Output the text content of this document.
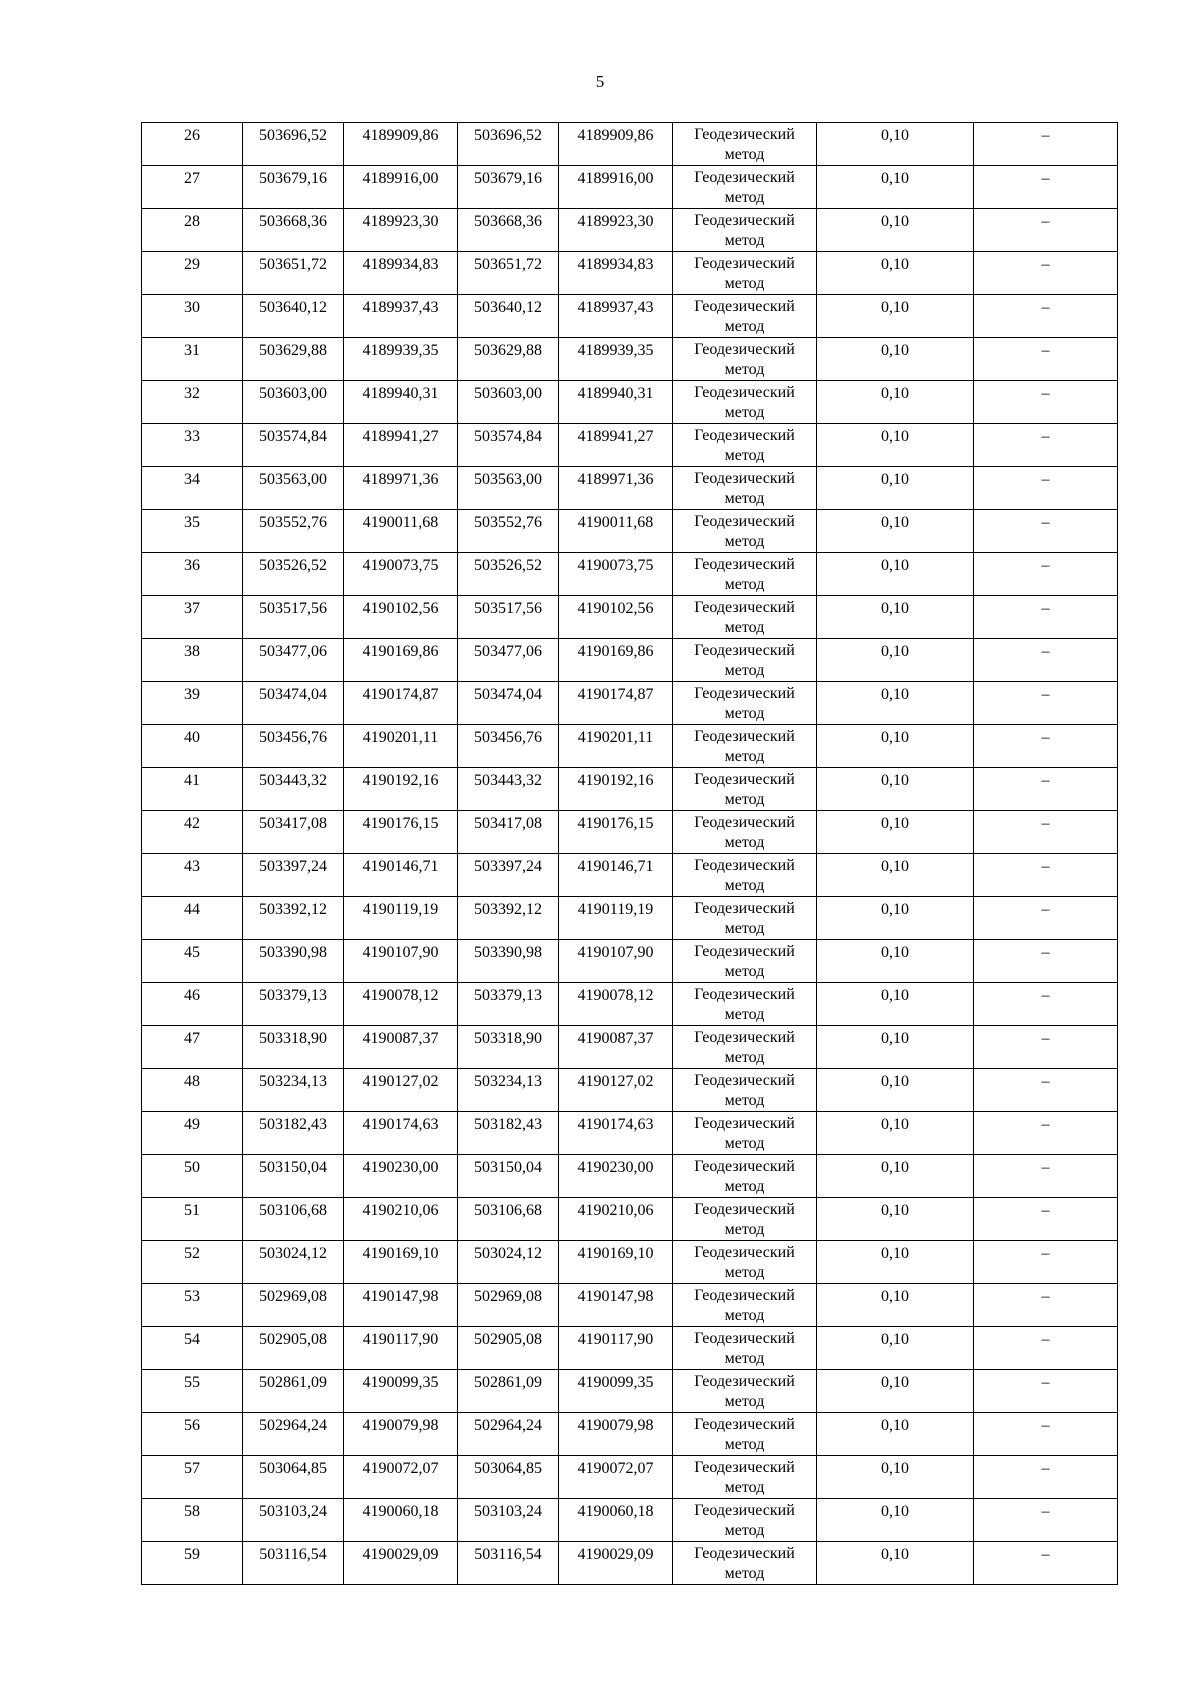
5
26	503696,52	4189909,86	503696,52	4189909,86	Геодезический метод	0,10	–
27	503679,16	4189916,00	503679,16	4189916,00	Геодезический метод	0,10	–
28	503668,36	4189923,30	503668,36	4189923,30	Геодезический метод	0,10	–
29	503651,72	4189934,83	503651,72	4189934,83	Геодезический метод	0,10	–
30	503640,12	4189937,43	503640,12	4189937,43	Геодезический метод	0,10	–
31	503629,88	4189939,35	503629,88	4189939,35	Геодезический метод	0,10	–
32	503603,00	4189940,31	503603,00	4189940,31	Геодезический метод	0,10	–
33	503574,84	4189941,27	503574,84	4189941,27	Геодезический метод	0,10	–
34	503563,00	4189971,36	503563,00	4189971,36	Геодезический метод	0,10	–
35	503552,76	4190011,68	503552,76	4190011,68	Геодезический метод	0,10	–
36	503526,52	4190073,75	503526,52	4190073,75	Геодезический метод	0,10	–
37	503517,56	4190102,56	503517,56	4190102,56	Геодезический метод	0,10	–
38	503477,06	4190169,86	503477,06	4190169,86	Геодезический метод	0,10	–
39	503474,04	4190174,87	503474,04	4190174,87	Геодезический метод	0,10	–
40	503456,76	4190201,11	503456,76	4190201,11	Геодезический метод	0,10	–
41	503443,32	4190192,16	503443,32	4190192,16	Геодезический метод	0,10	–
42	503417,08	4190176,15	503417,08	4190176,15	Геодезический метод	0,10	–
43	503397,24	4190146,71	503397,24	4190146,71	Геодезический метод	0,10	–
44	503392,12	4190119,19	503392,12	4190119,19	Геодезический метод	0,10	–
45	503390,98	4190107,90	503390,98	4190107,90	Геодезический метод	0,10	–
46	503379,13	4190078,12	503379,13	4190078,12	Геодезический метод	0,10	–
47	503318,90	4190087,37	503318,90	4190087,37	Геодезический метод	0,10	–
48	503234,13	4190127,02	503234,13	4190127,02	Геодезический метод	0,10	–
49	503182,43	4190174,63	503182,43	4190174,63	Геодезический метод	0,10	–
50	503150,04	4190230,00	503150,04	4190230,00	Геодезический метод	0,10	–
51	503106,68	4190210,06	503106,68	4190210,06	Геодезический метод	0,10	–
52	503024,12	4190169,10	503024,12	4190169,10	Геодезический метод	0,10	–
53	502969,08	4190147,98	502969,08	4190147,98	Геодезический метод	0,10	–
54	502905,08	4190117,90	502905,08	4190117,90	Геодезический метод	0,10	–
55	502861,09	4190099,35	502861,09	4190099,35	Геодезический метод	0,10	–
56	502964,24	4190079,98	502964,24	4190079,98	Геодезический метод	0,10	–
57	503064,85	4190072,07	503064,85	4190072,07	Геодезический метод	0,10	–
58	503103,24	4190060,18	503103,24	4190060,18	Геодезический метод	0,10	–
59	503116,54	4190029,09	503116,54	4190029,09	Геодезический метод	0,10	–
